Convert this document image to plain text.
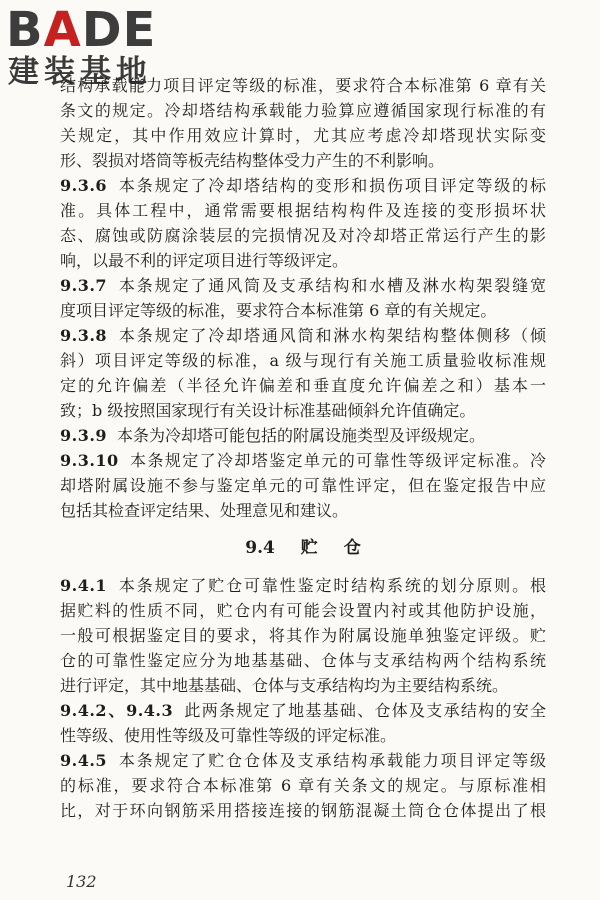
BADE
建装基地
结构承载能力项目评定等级的标准，要求符合本标准第 6 章有关
条文的规定。冷却塔结构承载能力验算应遵循国家现行标准的有
关规定，其中作用效应计算时，尤其应考虑冷却塔现状实际变
形、裂损对塔筒等板壳结构整体受力产生的不利影响。
9.3.6 本条规定了冷却塔结构的变形和损伤项目评定等级的标
准。具体工程中，通常需要根据结构构件及连接的变形损坏状
态、腐蚀或防腐涂装层的完损情况及对冷却塔正常运行产生的影
响，以最不利的评定项目进行等级评定。
9.3.7 本条规定了通风筒及支承结构和水槽及淋水构架裂缝宽
度项目评定等级的标准，要求符合本标准第 6 章的有关规定。
9.3.8 本条规定了冷却塔通风筒和淋水构架结构整体侧移（倾
斜）项目评定等级的标准，a 级与现行有关施工质量验收标准规
定的允许偏差（半径允许偏差和垂直度允许偏差之和）基本一
致；b 级按照国家现行有关设计标准基础倾斜允许值确定。
9.3.9 本条为冷却塔可能包括的附属设施类型及评级规定。
9.3.10 本条规定了冷却塔鉴定单元的可靠性等级评定标准。冷
却塔附属设施不参与鉴定单元的可靠性评定，但在鉴定报告中应
包括其检查评定结果、处理意见和建议。
9.4 贮 仓
9.4.1 本条规定了贮仓可靠性鉴定时结构系统的划分原则。根
据贮料的性质不同，贮仓内有可能会设置内衬或其他防护设施，
一般可根据鉴定目的要求，将其作为附属设施单独鉴定评级。贮
仓的可靠性鉴定应分为地基基础、仓体与支承结构两个结构系统
进行评定，其中地基基础、仓体与支承结构均为主要结构系统。
9.4.2、9.4.3 此两条规定了地基基础、仓体及支承结构的安全
性等级、使用性等级及可靠性等级的评定标准。
9.4.5 本条规定了贮仓仓体及支承结构承载能力项目评定等级
的标准，要求符合本标准第 6 章有关条文的规定。与原标准相
比，对于环向钢筋采用搭接连接的钢筋混凝土筒仓仓体提出了根
132
